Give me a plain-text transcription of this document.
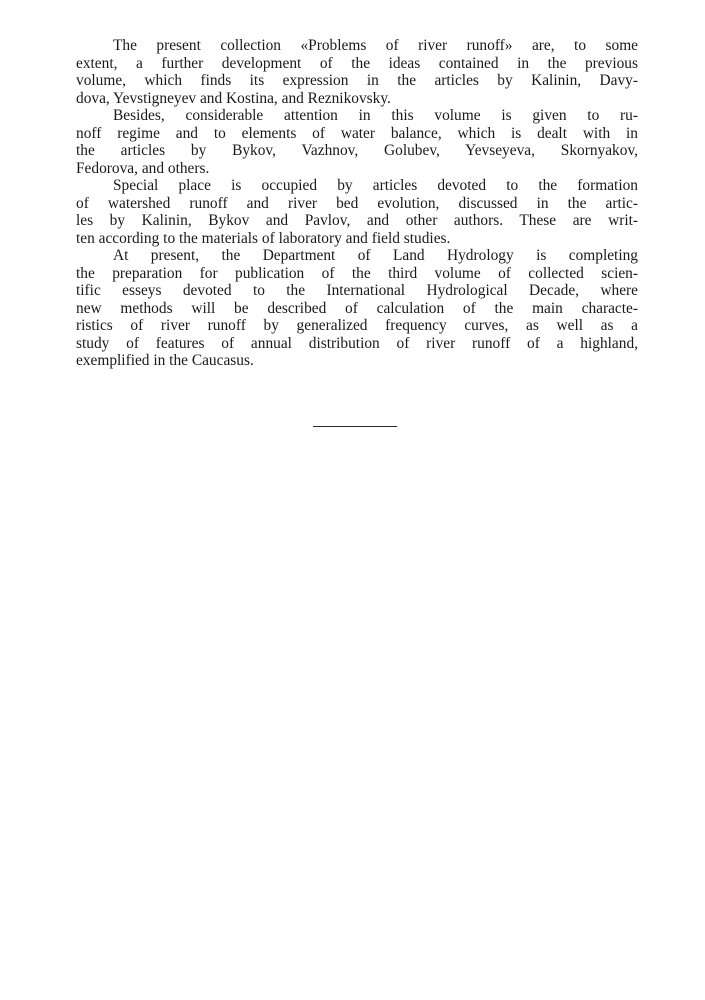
The present collection «Problems of river runoff» are, to some
extent, a further development of the ideas contained in the previous
volume, which finds its expression in the articles by Kalinin, Davy-
dova, Yevstigneyev and Kostina, and Reznikovsky.

Besides, considerable attention in this volume is given to ru-
noff regime and to elements of water balance, which is dealt with in
the articles by Bykov, Vazhnov, Golubev, Yevseyeva, Skornyakov,
Fedorova, and others.

Special place is occupied by articles devoted to the formation
of watershed runoff and river bed evolution, discussed in the artic-
les by Kalinin, Bykov and Pavlov, and other authors. These are writ-
ten according to the materials of laboratory and field studies.

At present, the Department of Land Hydrology is completing
the preparation for publication of the third volume of collected scien-
tific esseys devoted to the International Hydrological Decade, where
new methods will be described of calculation of the main characte-
ristics of river runoff by generalized frequency curves, as well as a
study of features of annual distribution of river runoff of a highland,
exemplified in the Caucasus.
